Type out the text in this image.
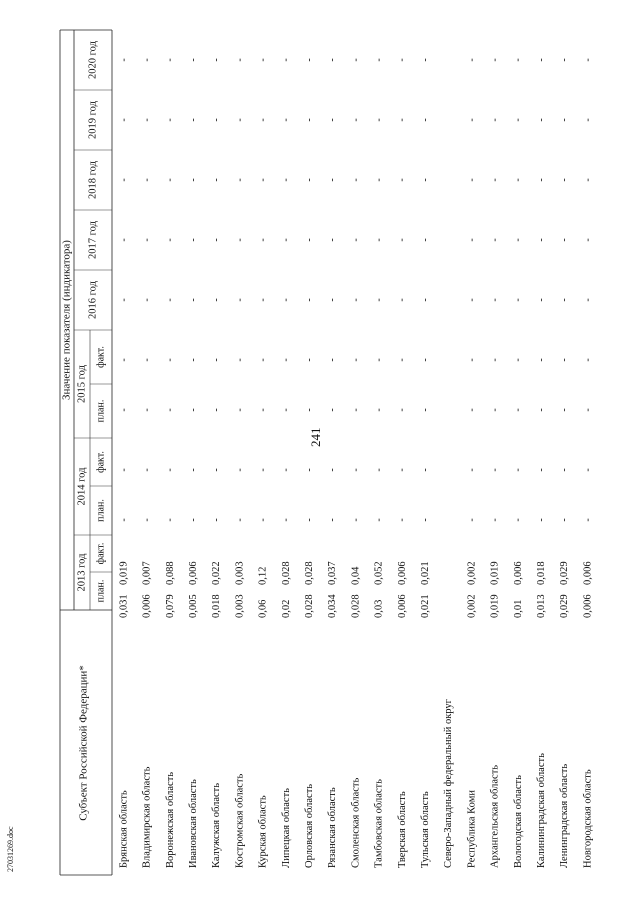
241
27031269.doc
Субъект Российской Федерации*
Значение показателя (индикатора)
2013 год
2014 год
2015 год
2016 год
2017 год
2018 год
2019 год
2020 год
план.
факт.
план.
факт.
план.
факт.
Брянская область
0,031
0,019
-
-
-
-
-
-
-
-
-
Владимирская область
0,006
0,007
-
-
-
-
-
-
-
-
-
Воронежская область
0,079
0,088
-
-
-
-
-
-
-
-
-
Ивановская область
0,005
0,006
-
-
-
-
-
-
-
-
-
Калужская область
0,018
0,022
-
-
-
-
-
-
-
-
-
Костромская область
0,003
0,003
-
-
-
-
-
-
-
-
-
Курская область
0,06
0,12
-
-
-
-
-
-
-
-
-
Липецкая область
0,02
0,028
-
-
-
-
-
-
-
-
-
Орловская область
0,028
0,028
-
-
-
-
-
-
-
-
-
Рязанская область
0,034
0,037
-
-
-
-
-
-
-
-
-
Смоленская область
0,028
0,04
-
-
-
-
-
-
-
-
-
Тамбовская область
0,03
0,052
-
-
-
-
-
-
-
-
-
Тверская область
0,006
0,006
-
-
-
-
-
-
-
-
-
Тульская область
0,021
0,021
-
-
-
-
-
-
-
-
-
Северо-Западный федеральный округ Республика Коми
0,002
0,002
-
-
-
-
-
-
-
-
-
Архангельская область
0,019
0,019
-
-
-
-
-
-
-
-
-
Вологодская область
0,01
0,006
-
-
-
-
-
-
-
-
-
Калининградская область
0,013
0,018
-
-
-
-
-
-
-
-
-
Ленинградская область
0,029
0,029
-
-
-
-
-
-
-
-
-
Новгородская область
0,006
0,006
-
-
-
-
-
-
-
-
-
